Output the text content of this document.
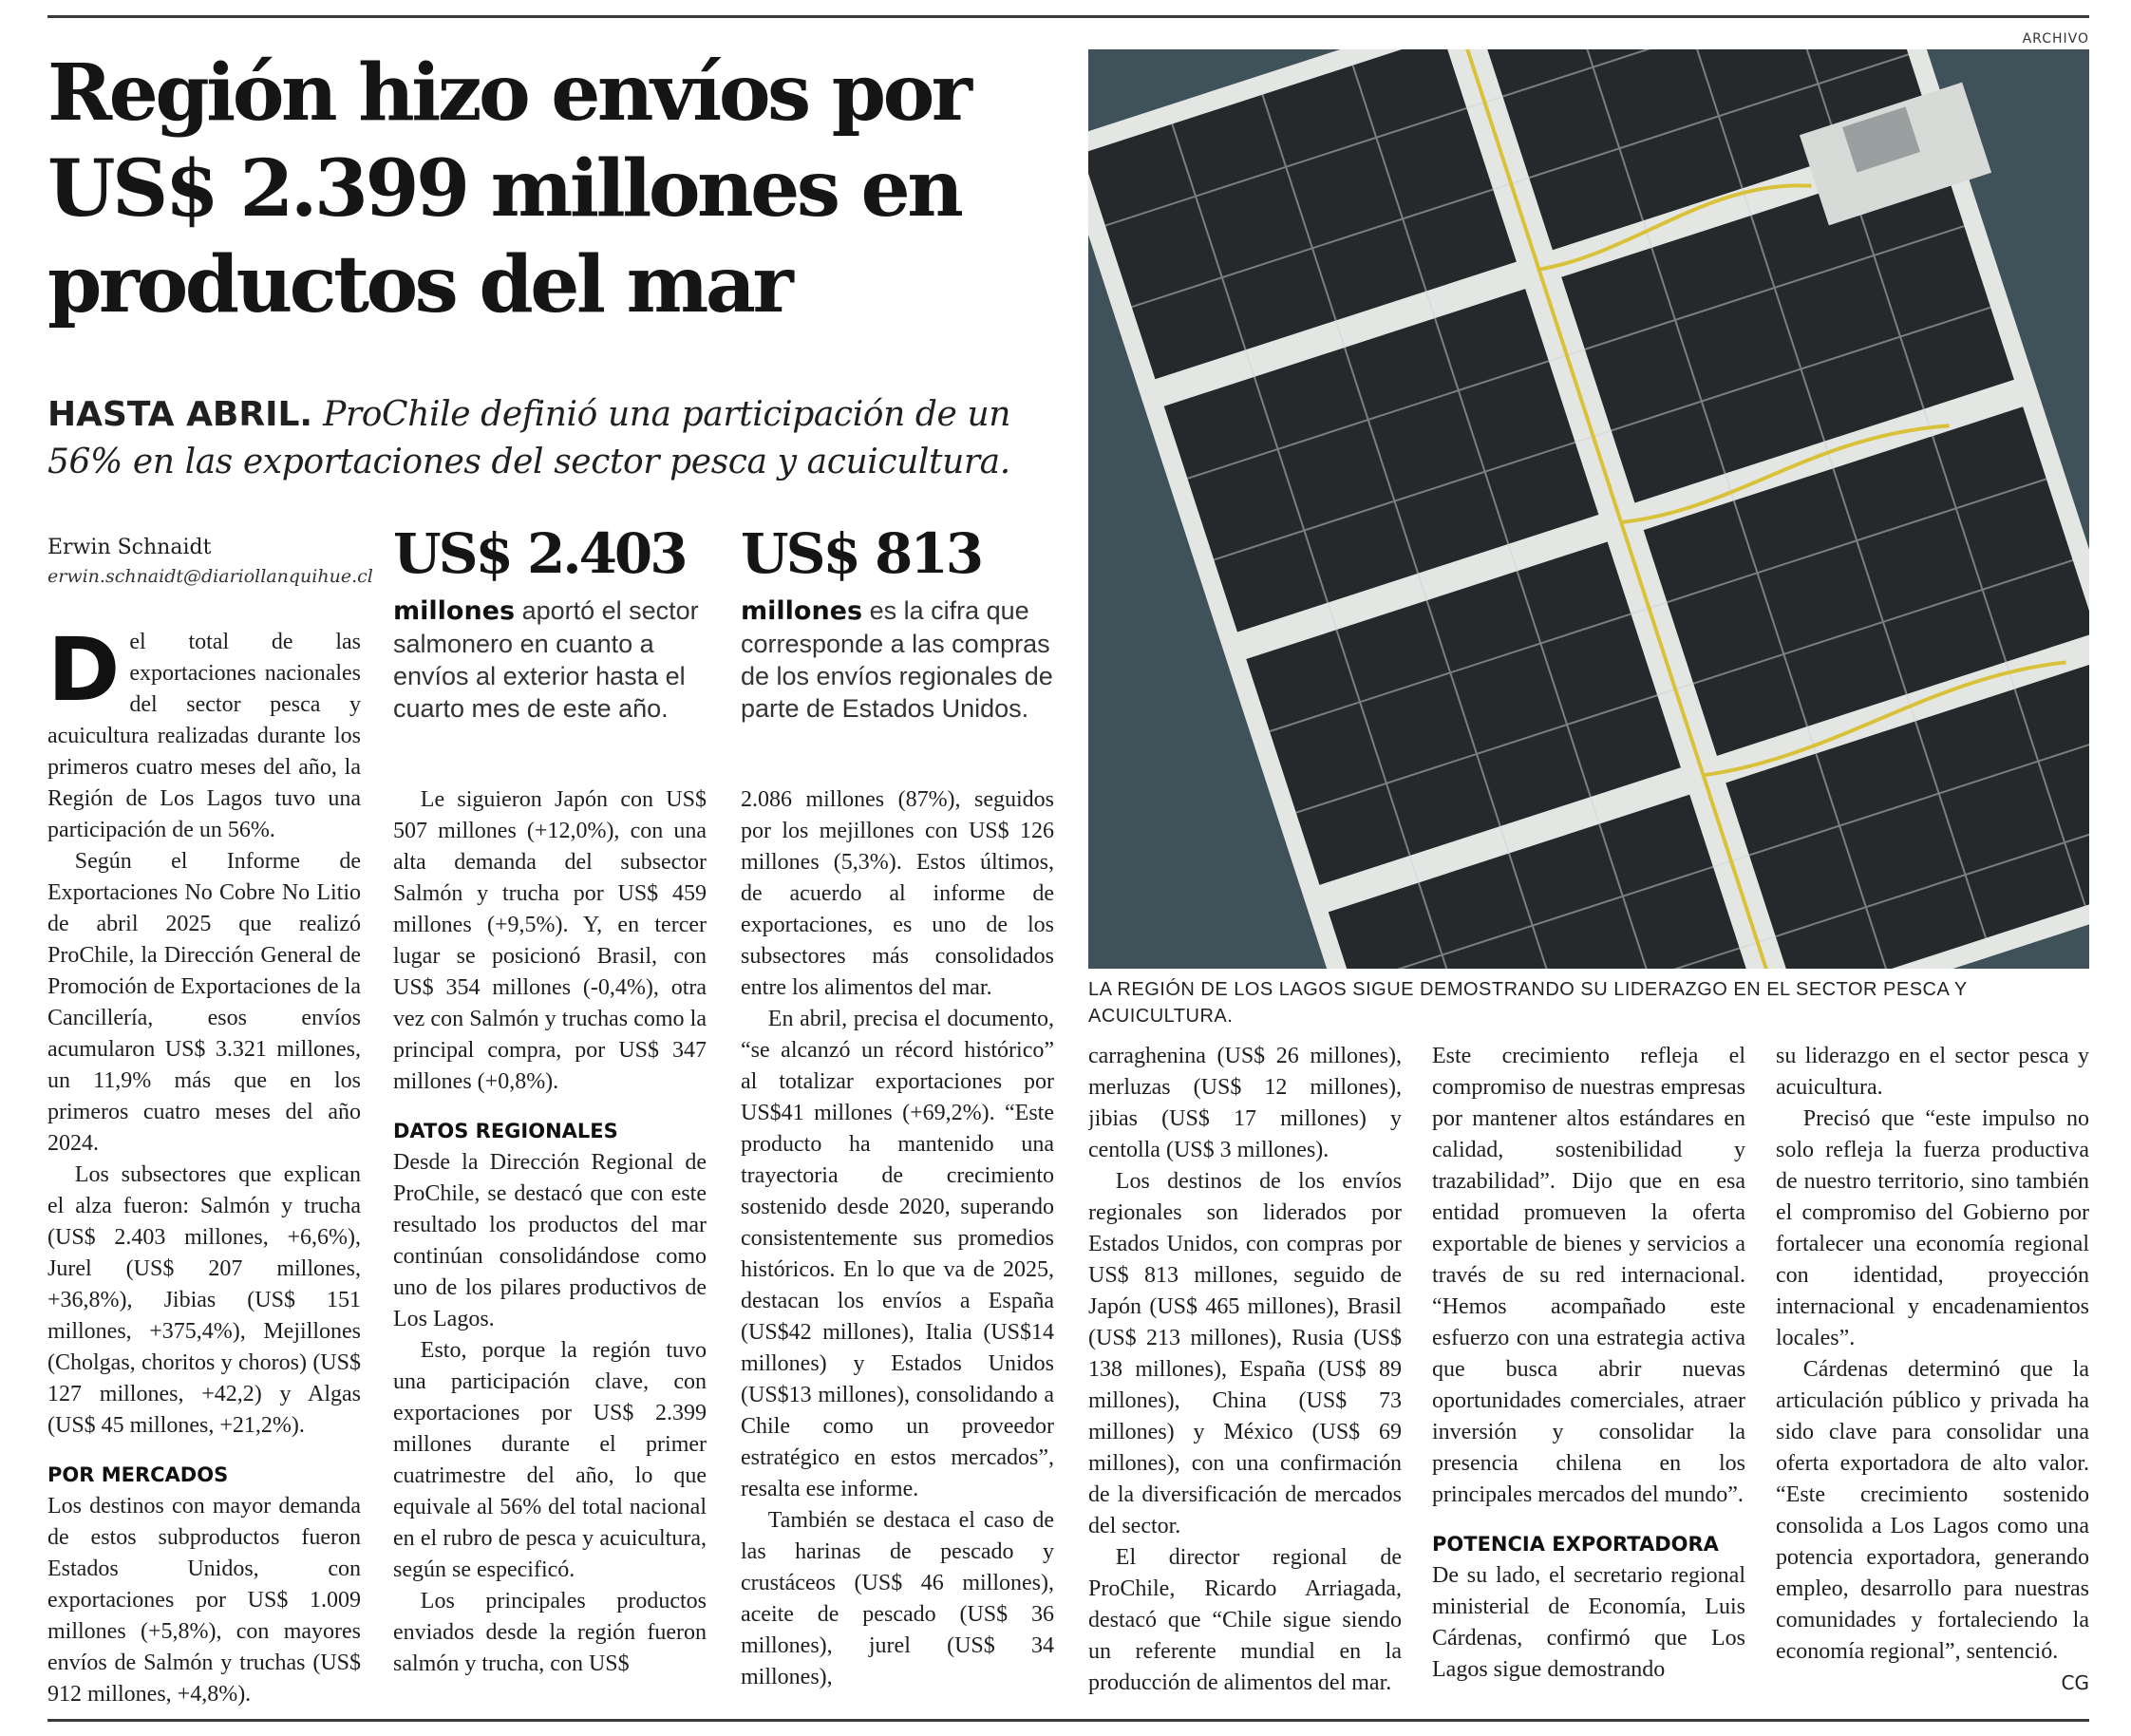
Región hizo envíos por US$ 2.399 millones en productos del mar
HASTA ABRIL. ProChile definió una participación de un 56% en las exportaciones del sector pesca y acuicultura.
Erwin Schnaidt
erwin.schnaidt@diariollanquihue.cl US$ 2.403
millones aportó el sector salmonero en cuanto a envíos al exterior hasta el cuarto mes de este año.
US$ 813
millones es la cifra que corresponde a las compras de los envíos regionales de parte de Estados Unidos.

Del total de las exportaciones nacionales del sector pesca y acuicultura realizadas durante los primeros cuatro meses del año, la Región de Los Lagos tuvo una participación de un 56%.

Según el Informe de Exportaciones No Cobre No Litio de abril 2025 que realizó ProChile, la Dirección General de Promoción de Exportaciones de la Cancillería, esos envíos acumularon US$ 3.321 millones, un 11,9% más que en los primeros cuatro meses del año 2024.

Los subsectores que explican el alza fueron: Salmón y trucha (US$ 2.403 millones, +6,6%), Jurel (US$ 207 millones, +36,8%), Jibias (US$ 151 millones, +375,4%), Mejillones (Cholgas, choritos y choros) (US$ 127 millones, +42,2) y Algas (US$ 45 millones, +21,2%).

POR MERCADOS

Los destinos con mayor demanda de estos subproductos fueron Estados Unidos, con exportaciones por US$ 1.009 millones (+5,8%), con mayores envíos de Salmón y truchas (US$ 912 millones, +4,8%).

Le siguieron Japón con US$ 507 millones (+12,0%), con una alta demanda del subsector Salmón y trucha por US$ 459 millones (+9,5%). Y, en tercer lugar se posicionó Brasil, con US$ 354 millones (-0,4%), otra vez con Salmón y truchas como la principal compra, por US$ 347 millones (+0,8%).

DATOS REGIONALES

Desde la Dirección Regional de ProChile, se destacó que con este resultado los productos del mar continúan consolidándose como uno de los pilares productivos de Los Lagos.

Esto, porque la región tuvo una participación clave, con exportaciones por US$ 2.399 millones durante el primer cuatrimestre del año, lo que equivale al 56% del total nacional en el rubro de pesca y acuicultura, según se especificó.

Los principales productos enviados desde la región fueron salmón y trucha, con US$

2.086 millones (87%), seguidos por los mejillones con US$ 126 millones (5,3%). Estos últimos, de acuerdo al informe de exportaciones, es uno de los subsectores más consolidados entre los alimentos del mar.

En abril, precisa el documento, “se alcanzó un récord histórico” al totalizar exportaciones por US$41 millones (+69,2%). “Este producto ha mantenido una trayectoria de crecimiento sostenido desde 2020, superando consistentemente sus promedios históricos. En lo que va de 2025, destacan los envíos a España (US$42 millones), Italia (US$14 millones) y Estados Unidos (US$13 millones), consolidando a Chile como un proveedor estratégico en estos mercados”, resalta ese informe.

También se destaca el caso de las harinas de pescado y crustáceos (US$ 46 millones), aceite de pescado (US$ 36 millones), jurel (US$ 34 millones),

carraghenina (US$ 26 millones), merluzas (US$ 12 millones), jibias (US$ 17 millones) y centolla (US$ 3 millones).

Los destinos de los envíos regionales son liderados por Estados Unidos, con compras por US$ 813 millones, seguido de Japón (US$ 465 millones), Brasil (US$ 213 millones), Rusia (US$ 138 millones), España (US$ 89 millones), China (US$ 73 millones) y México (US$ 69 millones), con una confirmación de la diversificación de mercados del sector.

El director regional de ProChile, Ricardo Arriagada, destacó que “Chile sigue siendo un referente mundial en la producción de alimentos del mar.

Este crecimiento refleja el compromiso de nuestras empresas por mantener altos estándares en calidad, sostenibilidad y trazabilidad”. Dijo que en esa entidad promueven la oferta exportable de bienes y servicios a través de su red internacional. “Hemos acompañado este esfuerzo con una estrategia activa que busca abrir nuevas oportunidades comerciales, atraer inversión y consolidar la presencia chilena en los principales mercados del mundo”.

POTENCIA EXPORTADORA

De su lado, el secretario regional ministerial de Economía, Luis Cárdenas, confirmó que Los Lagos sigue demostrando

su liderazgo en el sector pesca y acuicultura.

Precisó que “este impulso no solo refleja la fuerza productiva de nuestro territorio, sino también el compromiso del Gobierno por fortalecer una economía regional con identidad, proyección internacional y encadenamientos locales”.

Cárdenas determinó que la articulación público y privada ha sido clave para consolidar una oferta exportadora de alto valor. “Este crecimiento sostenido consolida a Los Lagos como una potencia exportadora, generando empleo, desarrollo para nuestras comunidades y fortaleciendo la economía regional”, sentenció.
CG

ARCHIVO
LA REGIÓN DE LOS LAGOS SIGUE DEMOSTRANDO SU LIDERAZGO EN EL SECTOR PESCA Y ACUICULTURA.
